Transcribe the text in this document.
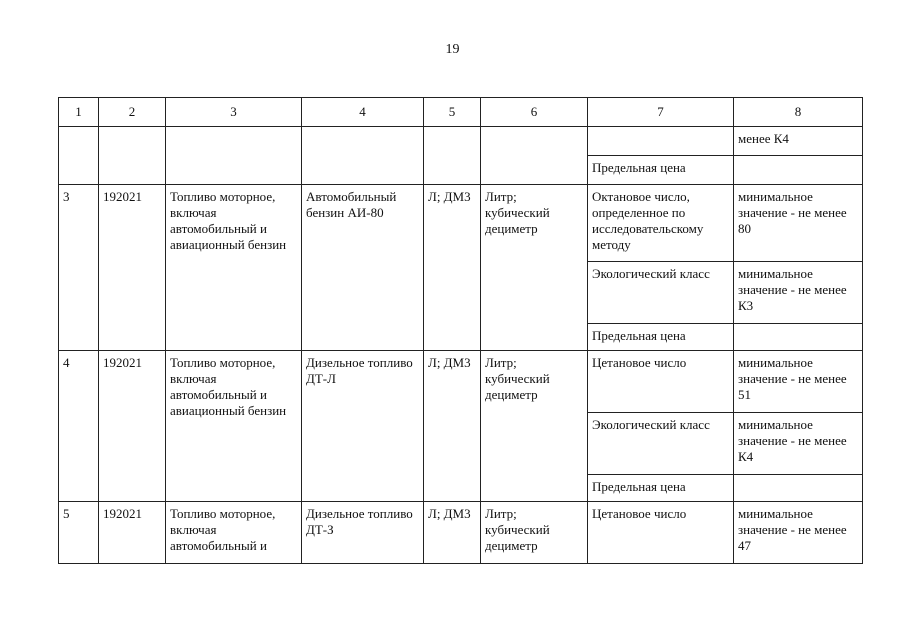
19
1	2	3	4	5	6	7	8
							менее К4
						Предельная цена	
3	192021	Топливо моторное, включая автомобильный и авиационный бензин	Автомобильный бензин АИ-80	Л; ДМ3	Литр; кубический дециметр	Октановое число, определенное по исследовательскому методу	минимальное значение - не менее 80
						Экологический класс	минимальное значение - не менее К3
						Предельная цена	
4	192021	Топливо моторное, включая автомобильный и авиационный бензин	Дизельное топливо ДТ-Л	Л; ДМ3	Литр; кубический дециметр	Цетановое число	минимальное значение - не менее 51
						Экологический класс	минимальное значение - не менее К4
						Предельная цена	
5	192021	Топливо моторное, включая автомобильный и	Дизельное топливо ДТ-З	Л; ДМ3	Литр; кубический дециметр	Цетановое число	минимальное значение - не менее 47
